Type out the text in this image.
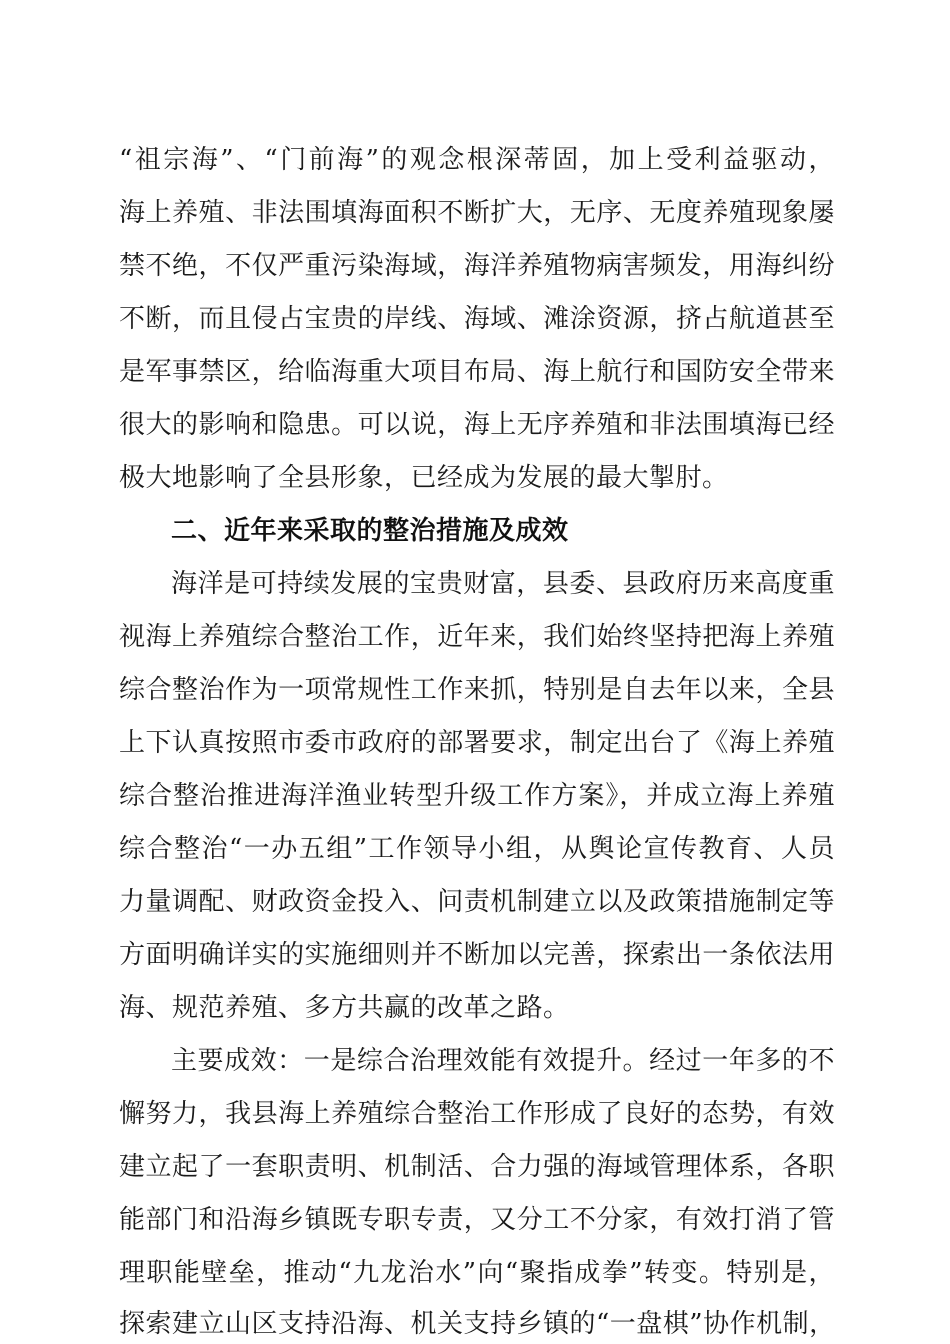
“祖宗海”、“门前海”的观念根深蒂固，加上受利益驱动，
海上养殖、非法围填海面积不断扩大，无序、无度养殖现象屡
禁不绝，不仅严重污染海域，海洋养殖物病害频发，用海纠纷
不断，而且侵占宝贵的岸线、海域、滩涂资源，挤占航道甚至
是军事禁区，给临海重大项目布局、海上航行和国防安全带来
很大的影响和隐患。可以说，海上无序养殖和非法围填海已经
极大地影响了全县形象，已经成为发展的最大掣肘。
二、近年来采取的整治措施及成效
海洋是可持续发展的宝贵财富，县委、县政府历来高度重
视海上养殖综合整治工作，近年来，我们始终坚持把海上养殖
综合整治作为一项常规性工作来抓，特别是自去年以来，全县
上下认真按照市委市政府的部署要求，制定出台了《海上养殖
综合整治推进海洋渔业转型升级工作方案》，并成立海上养殖
综合整治“一办五组”工作领导小组，从舆论宣传教育、人员
力量调配、财政资金投入、问责机制建立以及政策措施制定等
方面明确详实的实施细则并不断加以完善，探索出一条依法用
海、规范养殖、多方共赢的改革之路。
主要成效：一是综合治理效能有效提升。经过一年多的不
懈努力，我县海上养殖综合整治工作形成了良好的态势，有效
建立起了一套职责明、机制活、合力强的海域管理体系，各职
能部门和沿海乡镇既专职专责，又分工不分家，有效打消了管
理职能壁垒，推动“九龙治水”向“聚指成拳”转变。特别是，
探索建立山区支持沿海、机关支持乡镇的“一盘棋”协作机制，
